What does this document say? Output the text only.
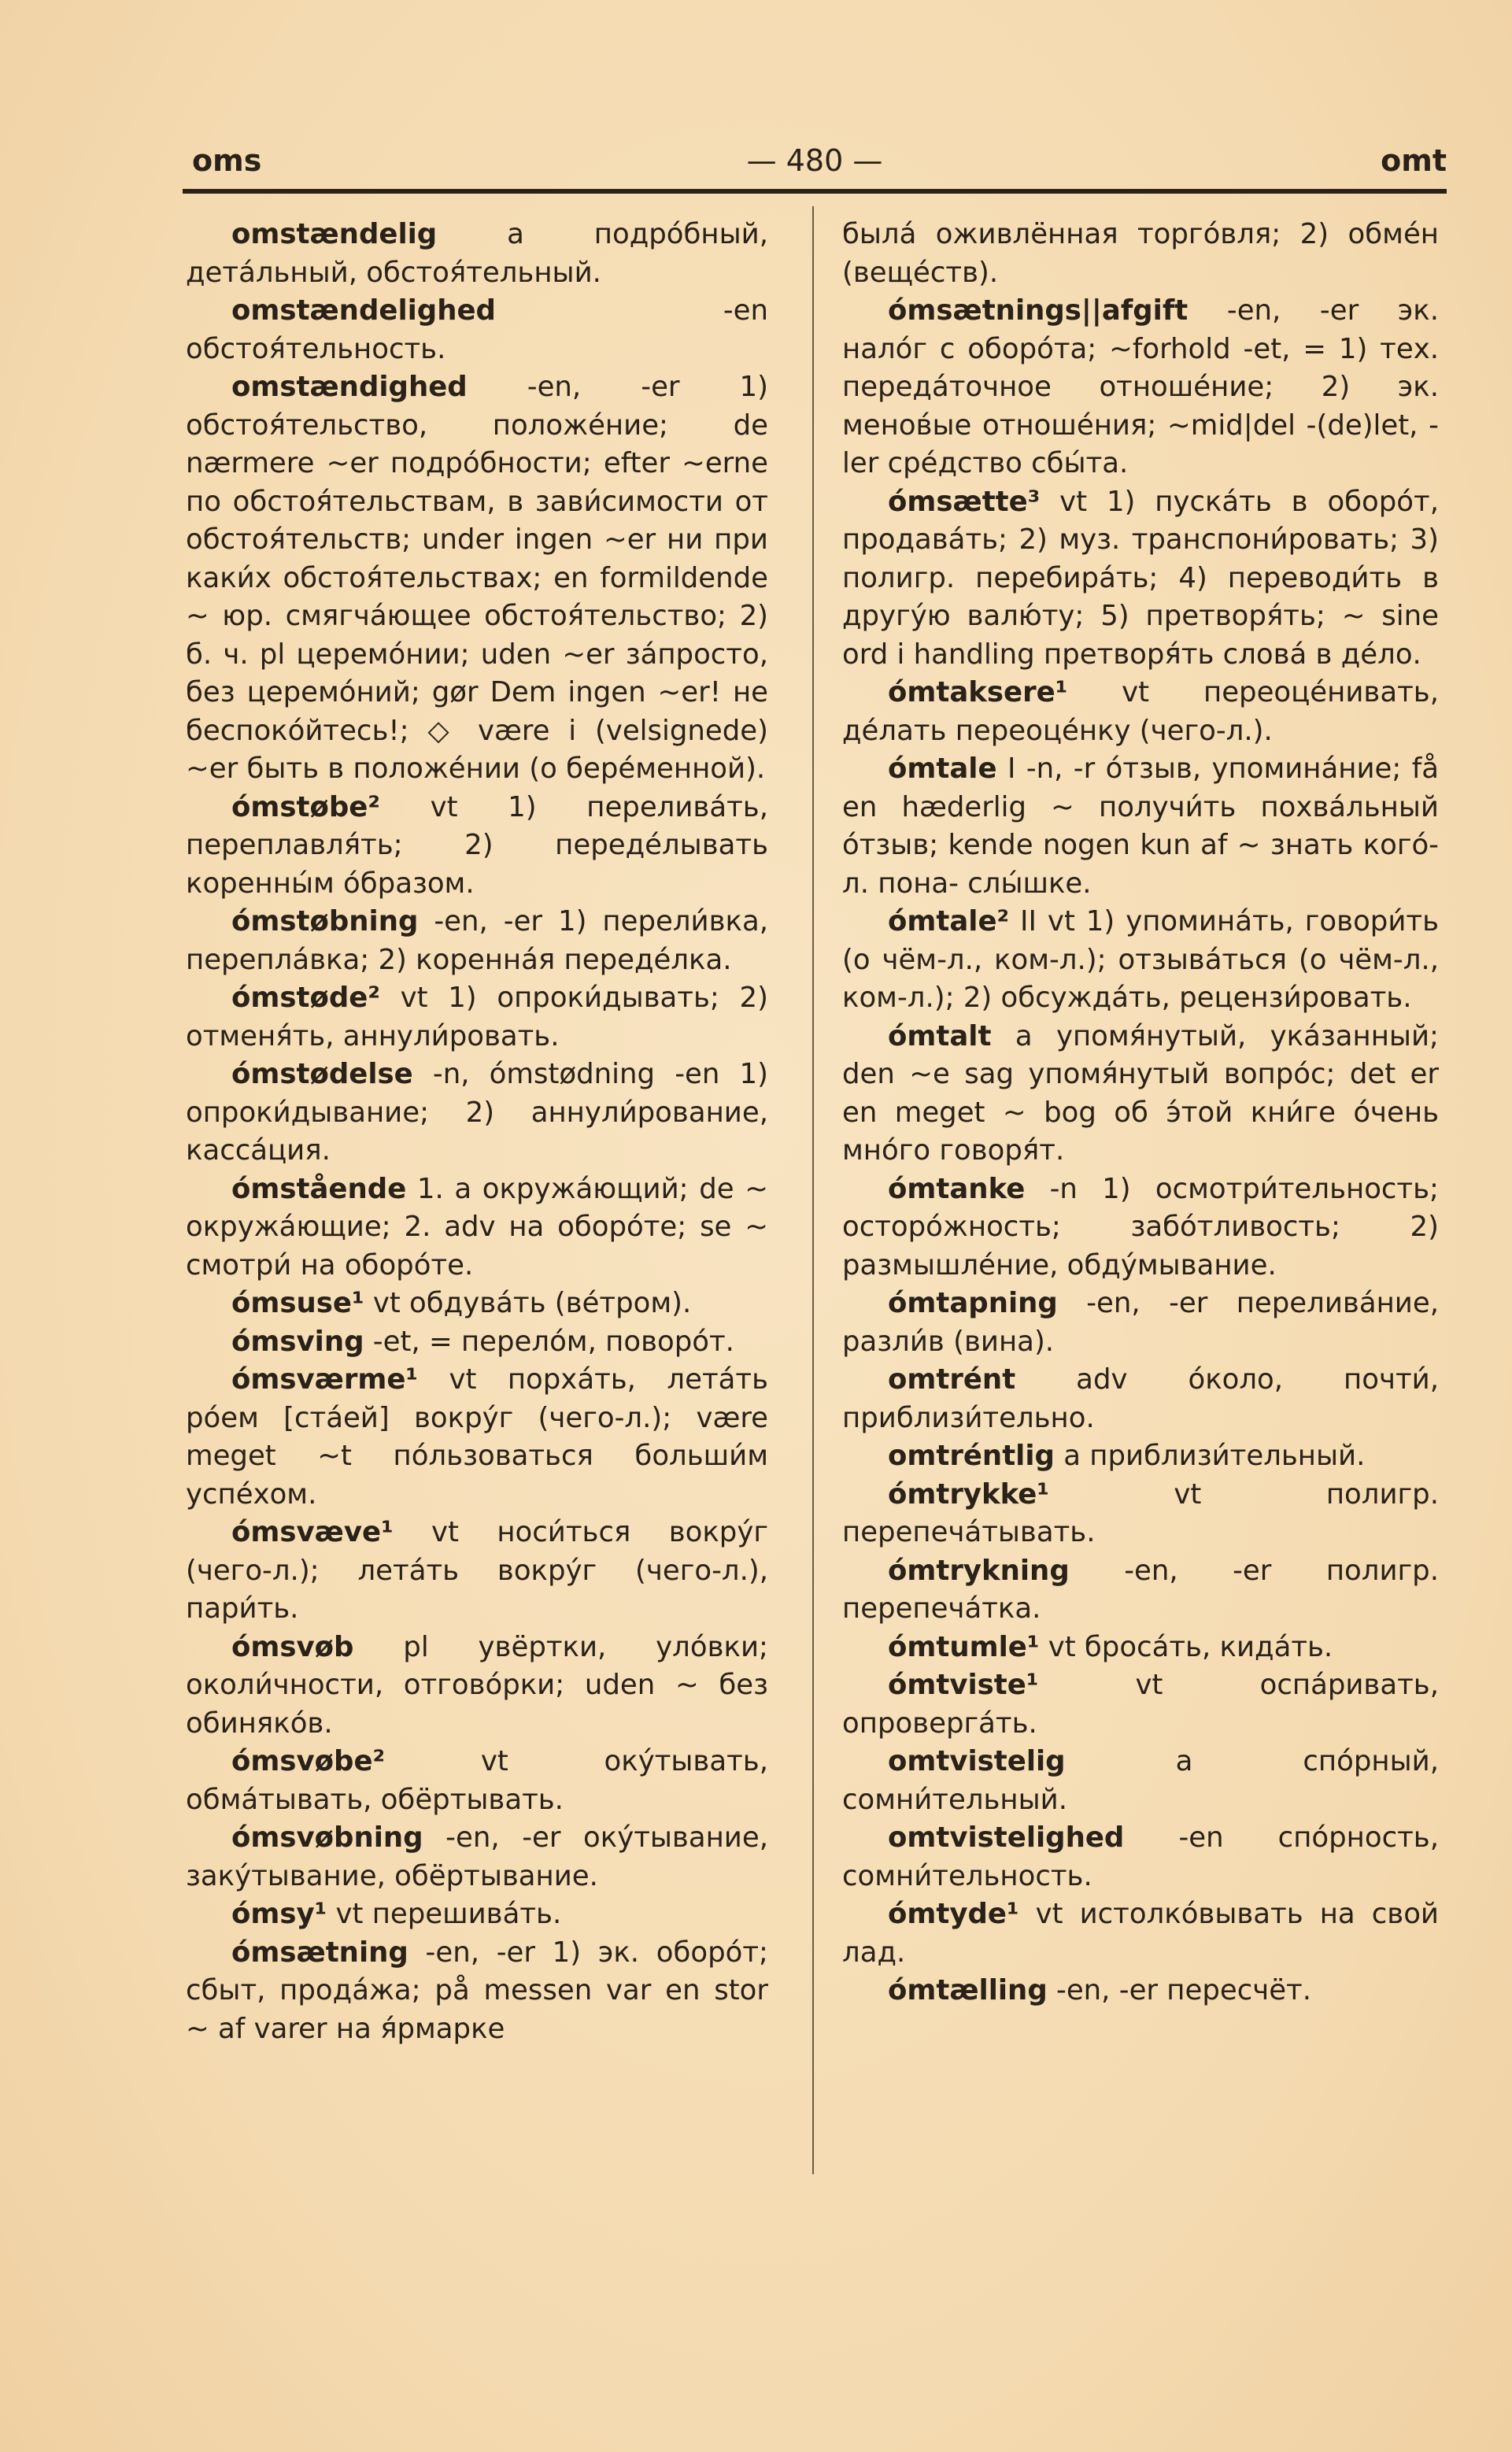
oms	— 480 —	omt

omstændelig a подро́бный, дета́льный, обстоя́тельный.

omstændelighed -en обстоя́тельность.

omstændighed -en, -er 1) обстоя́тельство, положе́ние; de nærmere ~er подро́бности; efter ~erne по обстоя́тельствам, в зави́симости от обстоя́тельств; under ingen ~er ни при каки́х обстоя́тельствах; en formildende ~ юр. смягча́ющее обстоя́тельство; 2) б. ч. pl церемо́нии; uden ~er за́просто, без церемо́ний; gør Dem ingen ~er! не беспоко́йтесь!; ◇ være i (velsignede) ~er быть в положе́нии (о бере́менной).

ómstøbe² vt 1) перелива́ть, переплавля́ть; 2) переде́лывать коренны́м о́бразом.

ómstøbning -en, -er 1) перели́вка, перепла́вка; 2) коренна́я переде́лка.

ómstøde² vt 1) опроки́дывать; 2) отменя́ть, аннули́ровать.

ómstødelse -n, ómstødning -en 1) опроки́дывание; 2) аннули́рование, касса́ция.

ómstående 1. a окружа́ющий; de ~ окружа́ющие; 2. adv на оборо́те; se ~ смотри́ на оборо́те.

ómsuse¹ vt обдува́ть (ве́тром).

ómsving -et, = перело́м, поворо́т.

ómsværme¹ vt порха́ть, лета́ть ро́ем [ста́ей] вокру́г (чего-л.); være meget ~t по́льзоваться больши́м успе́хом.

ómsvæve¹ vt носи́ться вокру́г (чего-л.); лета́ть вокру́г (чего-л.), пари́ть.

ómsvøb pl увёртки, уло́вки; околи́чности, отгово́рки; uden ~ без обиняко́в.

ómsvøbe² vt оку́тывать, обма́тывать, обёртывать.

ómsvøbning -en, -er оку́тывание, заку́тывание, обёртывание.

ómsy¹ vt перешива́ть.

ómsætning -en, -er 1) эк. оборо́т; сбыт, прода́жа; på messen var en stor ~ af varer на я́рмарке

была́ оживлённая торго́вля; 2) обме́н (веще́ств).

ómsætnings||afgift -en, -er эк. нало́г с оборо́та; ~forhold -et, = 1) тех. переда́точное отноше́ние; 2) эк. менов́ые отноше́ния; ~mid|del -(de)let, -ler сре́дство сбы́та.

ómsætte³ vt 1) пуска́ть в оборо́т, продава́ть; 2) муз. транспони́ровать; 3) полигр. перебира́ть; 4) переводи́ть в другу́ю валю́ту; 5) претворя́ть; ~ sine ord i handling претворя́ть слова́ в де́ло.

ómtaksere¹ vt переоце́нивать, де́лать переоце́нку (чего-л.).

ómtale I -n, -r о́тзыв, упомина́ние; få en hæderlig ~ получи́ть похва́льный о́тзыв; kende nogen kun af ~ знать кого́-л. пона- слы́шке.

ómtale² II vt 1) упомина́ть, говори́ть (о чём-л., ком-л.); отзыва́ться (о чём-л., ком-л.); 2) обсужда́ть, рецензи́ровать.

ómtalt a упомя́нутый, ука́занный; den ~e sag упомя́нутый вопро́с; det er en meget ~ bog об э́той кни́ге о́чень мно́го говоря́т.

ómtanke -n 1) осмотри́тельность; осторо́жность; забо́тливость; 2) размышле́ние, обду́мывание.

ómtapning -en, -er перелива́ние, разли́в (вина).

omtrént adv о́коло, почти́, приблизи́тельно.

omtréntlig a приблизи́тельный.

ómtrykke¹ vt полигр. перепеча́тывать.

ómtrykning -en, -er полигр. перепеча́тка.

ómtumle¹ vt броса́ть, кида́ть.

ómtviste¹ vt оспа́ривать, опроверга́ть.

omtvistelig a спо́рный, сомни́тельный.

omtvistelighed -en спо́рность, сомни́тельность.

ómtyde¹ vt истолко́вывать на свой лад.

ómtælling -en, -er пересчёт.
